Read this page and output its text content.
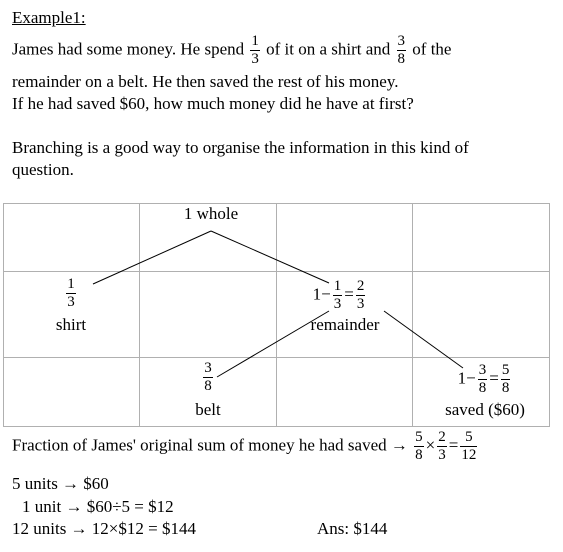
Example1:
James had some money. He spend $\frac{1}{3}$ of it on a shirt and $\frac{3}{8}$ of the
remainder on a belt. He then saved the rest of his money.
If he had saved $60, how much money did he have at first?
Branching is a good way to organise the information in this kind of
question.
1 whole
$\frac{1}{3}$
shirt
$1- \frac{1}{3} = \frac{2}{3}$
remainder
$\frac{3}{8}$
belt
$1- \frac{3}{8} = \frac{5}{8}$
saved ($60)
Fraction of James' original sum of money he had saved → $\frac{5}{8} \times \frac{2}{3} = \frac{5}{12}$
5 units → $60
1 unit → $60÷5 = $12
12 units → 12×$12 = $144	Ans: $144
